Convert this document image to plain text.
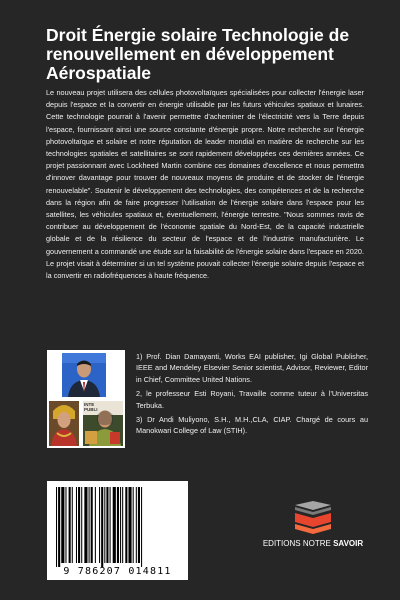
Droit Énergie solaire Technologie de renouvellement en développement Aérospatiale
Le nouveau projet utilisera des cellules photovoltaïques spécialisées pour collecter l'énergie laser depuis l'espace et la convertir en énergie utilisable par les futurs véhicules spatiaux et lunaires. Cette technologie pourrait à l'avenir permettre d'acheminer de l'électricité vers la Terre depuis l'espace, fournissant ainsi une source constante d'énergie propre. Notre recherche sur l'énergie photovoltaïque et solaire et notre réputation de leader mondial en matière de recherche sur les technologies spatiales et satellitaires se sont rapidement développées ces dernières années. Ce projet passionnant avec Lockheed Martin combine ces domaines d'excellence et nous permettra d'innover davantage pour trouver de nouveaux moyens de produire et de stocker de l'énergie renouvelable". Soutenir le développement des technologies, des compétences et de la recherche dans la région afin de faire progresser l'utilisation de l'énergie solaire dans l'espace pour les satellites, les véhicules spatiaux et, éventuellement, l'énergie terrestre. "Nous sommes ravis de contribuer au développement de l'économie spatiale du Nord-Est, de la capacité industrielle globale et de la résilience du secteur de l'espace et de l'industrie manufacturière. Le gouvernement a commandé une étude sur la faisabilité de l'énergie solaire dans l'espace en 2020. Le projet visait à déterminer si un tel système pouvait collecter l'énergie solaire depuis l'espace et la convertir en radiofréquences à haute fréquence.
INTE PUBLI

1) Prof. Dian Damayanti, Works EAI publisher, Igi Global Publisher, IEEE and Mendeley Elsevier Senior scientist, Advisor, Reviewer, Editor in Chief, Committee United Nations.

2, le professeur Esti Royani, Travaille comme tuteur à l'Universitas Terbuka.

3) Dr Andi Muliyono, S.H., M.H.,CLA, CIAP. Chargé de cours au Manokwari College of Law (STIH).

9 786207 014811
EDITIONS NOTRE SAVOIR
